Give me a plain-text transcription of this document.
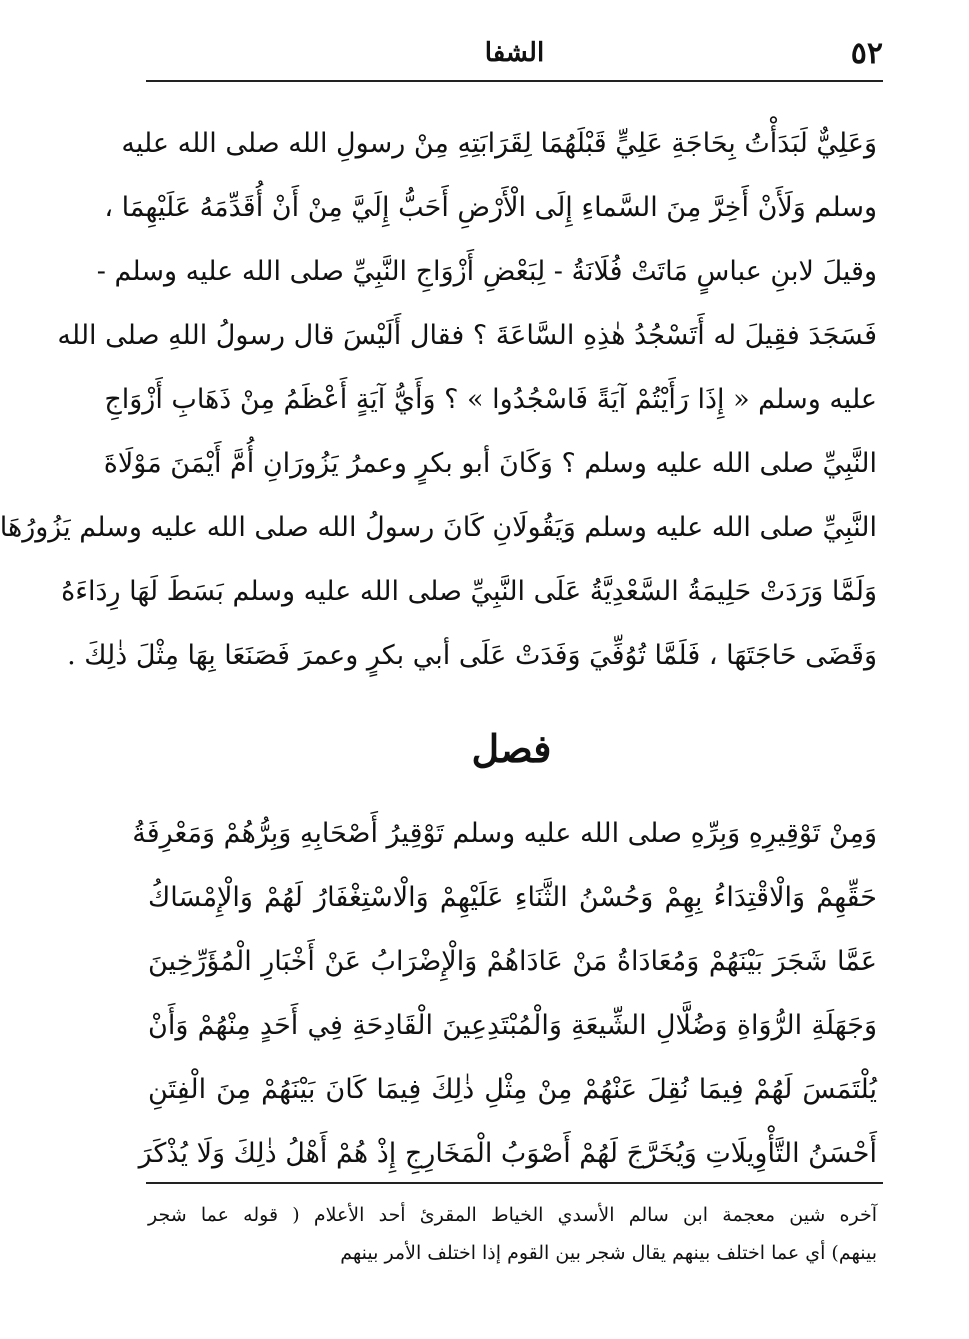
٥٢
الشفا
وَعَلِيٌّ لَبَدَأْتُ بِحَاجَةِ عَلِيٍّ قَبْلَهُمَا لِقَرَابَتِهِ مِنْ رسولِ الله صلى الله عليه
وسلم وَلَأَنْ أَخِرَّ مِنَ السَّماءِ إِلَى الْأَرْضِ أَحَبُّ إِلَيَّ مِنْ أَنْ أُقَدِّمَهُ عَلَيْهِمَا ،
وقيلَ لابنِ عباسٍ مَاتَتْ فُلَانَةُ - لِبَعْضِ أَزْوَاجِ النَّبِيِّ صلى الله عليه وسلم -
فَسَجَدَ فقِيلَ له أَتَسْجُدُ هٰذِهِ السَّاعَةَ ؟ فقال أَلَيْسَ قال رسولُ اللهِ صلى الله
عليه وسلم « إِذَا رَأَيْتُمْ آيَةً فَاسْجُدُوا » ؟ وَأَيُّ آيَةٍ أَعْظَمُ مِنْ ذَهَابِ أَزْوَاجِ
النَّبِيِّ صلى الله عليه وسلم ؟ وَكَانَ أبو بكرٍ وعمرُ يَزُورَانِ أُمَّ أَيْمَنَ مَوْلَاةَ
النَّبِيِّ صلى الله عليه وسلم وَيَقُولَانِ كَانَ رسولُ الله صلى الله عليه وسلم يَزُورُهَا
وَلَمَّا وَرَدَتْ حَلِيمَةُ السَّعْدِيَّةُ عَلَى النَّبِيِّ صلى الله عليه وسلم بَسَطَ لَهَا رِدَاءَهُ
وَقَضَى حَاجَتَهَا ، فَلَمَّا تُوُفِّيَ وَفَدَتْ عَلَى أبي بكرٍ وعمرَ فَصَنَعَا بِهَا مِثْلَ ذٰلِكَ .
فصل
وَمِنْ تَوْقِيرِهِ وَبِرِّهِ صلى الله عليه وسلم تَوْقِيرُ أَصْحَابِهِ وَبِرُّهُمْ وَمَعْرِفَةُ
حَقِّهِمْ وَالْاقْتِدَاءُ بِهِمْ وَحُسْنُ الثَّنَاءِ عَلَيْهِمْ وَالْاسْتِغْفَارُ لَهُمْ وَالْإِمْسَاكُ
عَمَّا شَجَرَ بَيْنَهُمْ وَمُعَادَاةُ مَنْ عَادَاهُمْ وَالْإِضْرَابُ عَنْ أَخْبَارِ الْمُؤَرِّخِينَ
وَجَهَلَةِ الرُّوَاةِ وَضُلَّالِ الشِّيعَةِ وَالْمُبْتَدِعِينَ الْقَادِحَةِ فِي أَحَدٍ مِنْهُمْ وَأَنْ
يُلْتَمَسَ لَهُمْ فِيمَا نُقِلَ عَنْهُمْ مِنْ مِثْلِ ذٰلِكَ فِيمَا كَانَ بَيْنَهُمْ مِنَ الْفِتَنِ
أَحْسَنُ التَّأْوِيلَاتِ وَيُخَرَّجَ لَهُمْ أَصْوَبُ الْمَخَارِجِ إِذْ هُمْ أَهْلُ ذٰلِكَ وَلَا يُذْكَرَ
آخره شين معجمة ابن سالم الأسدي الخياط المقرئ أحد الأعلام ( قوله عما شجر
بينهم) أي عما اختلف بينهم يقال شجر بين القوم إذا اختلف الأمر بينهم
